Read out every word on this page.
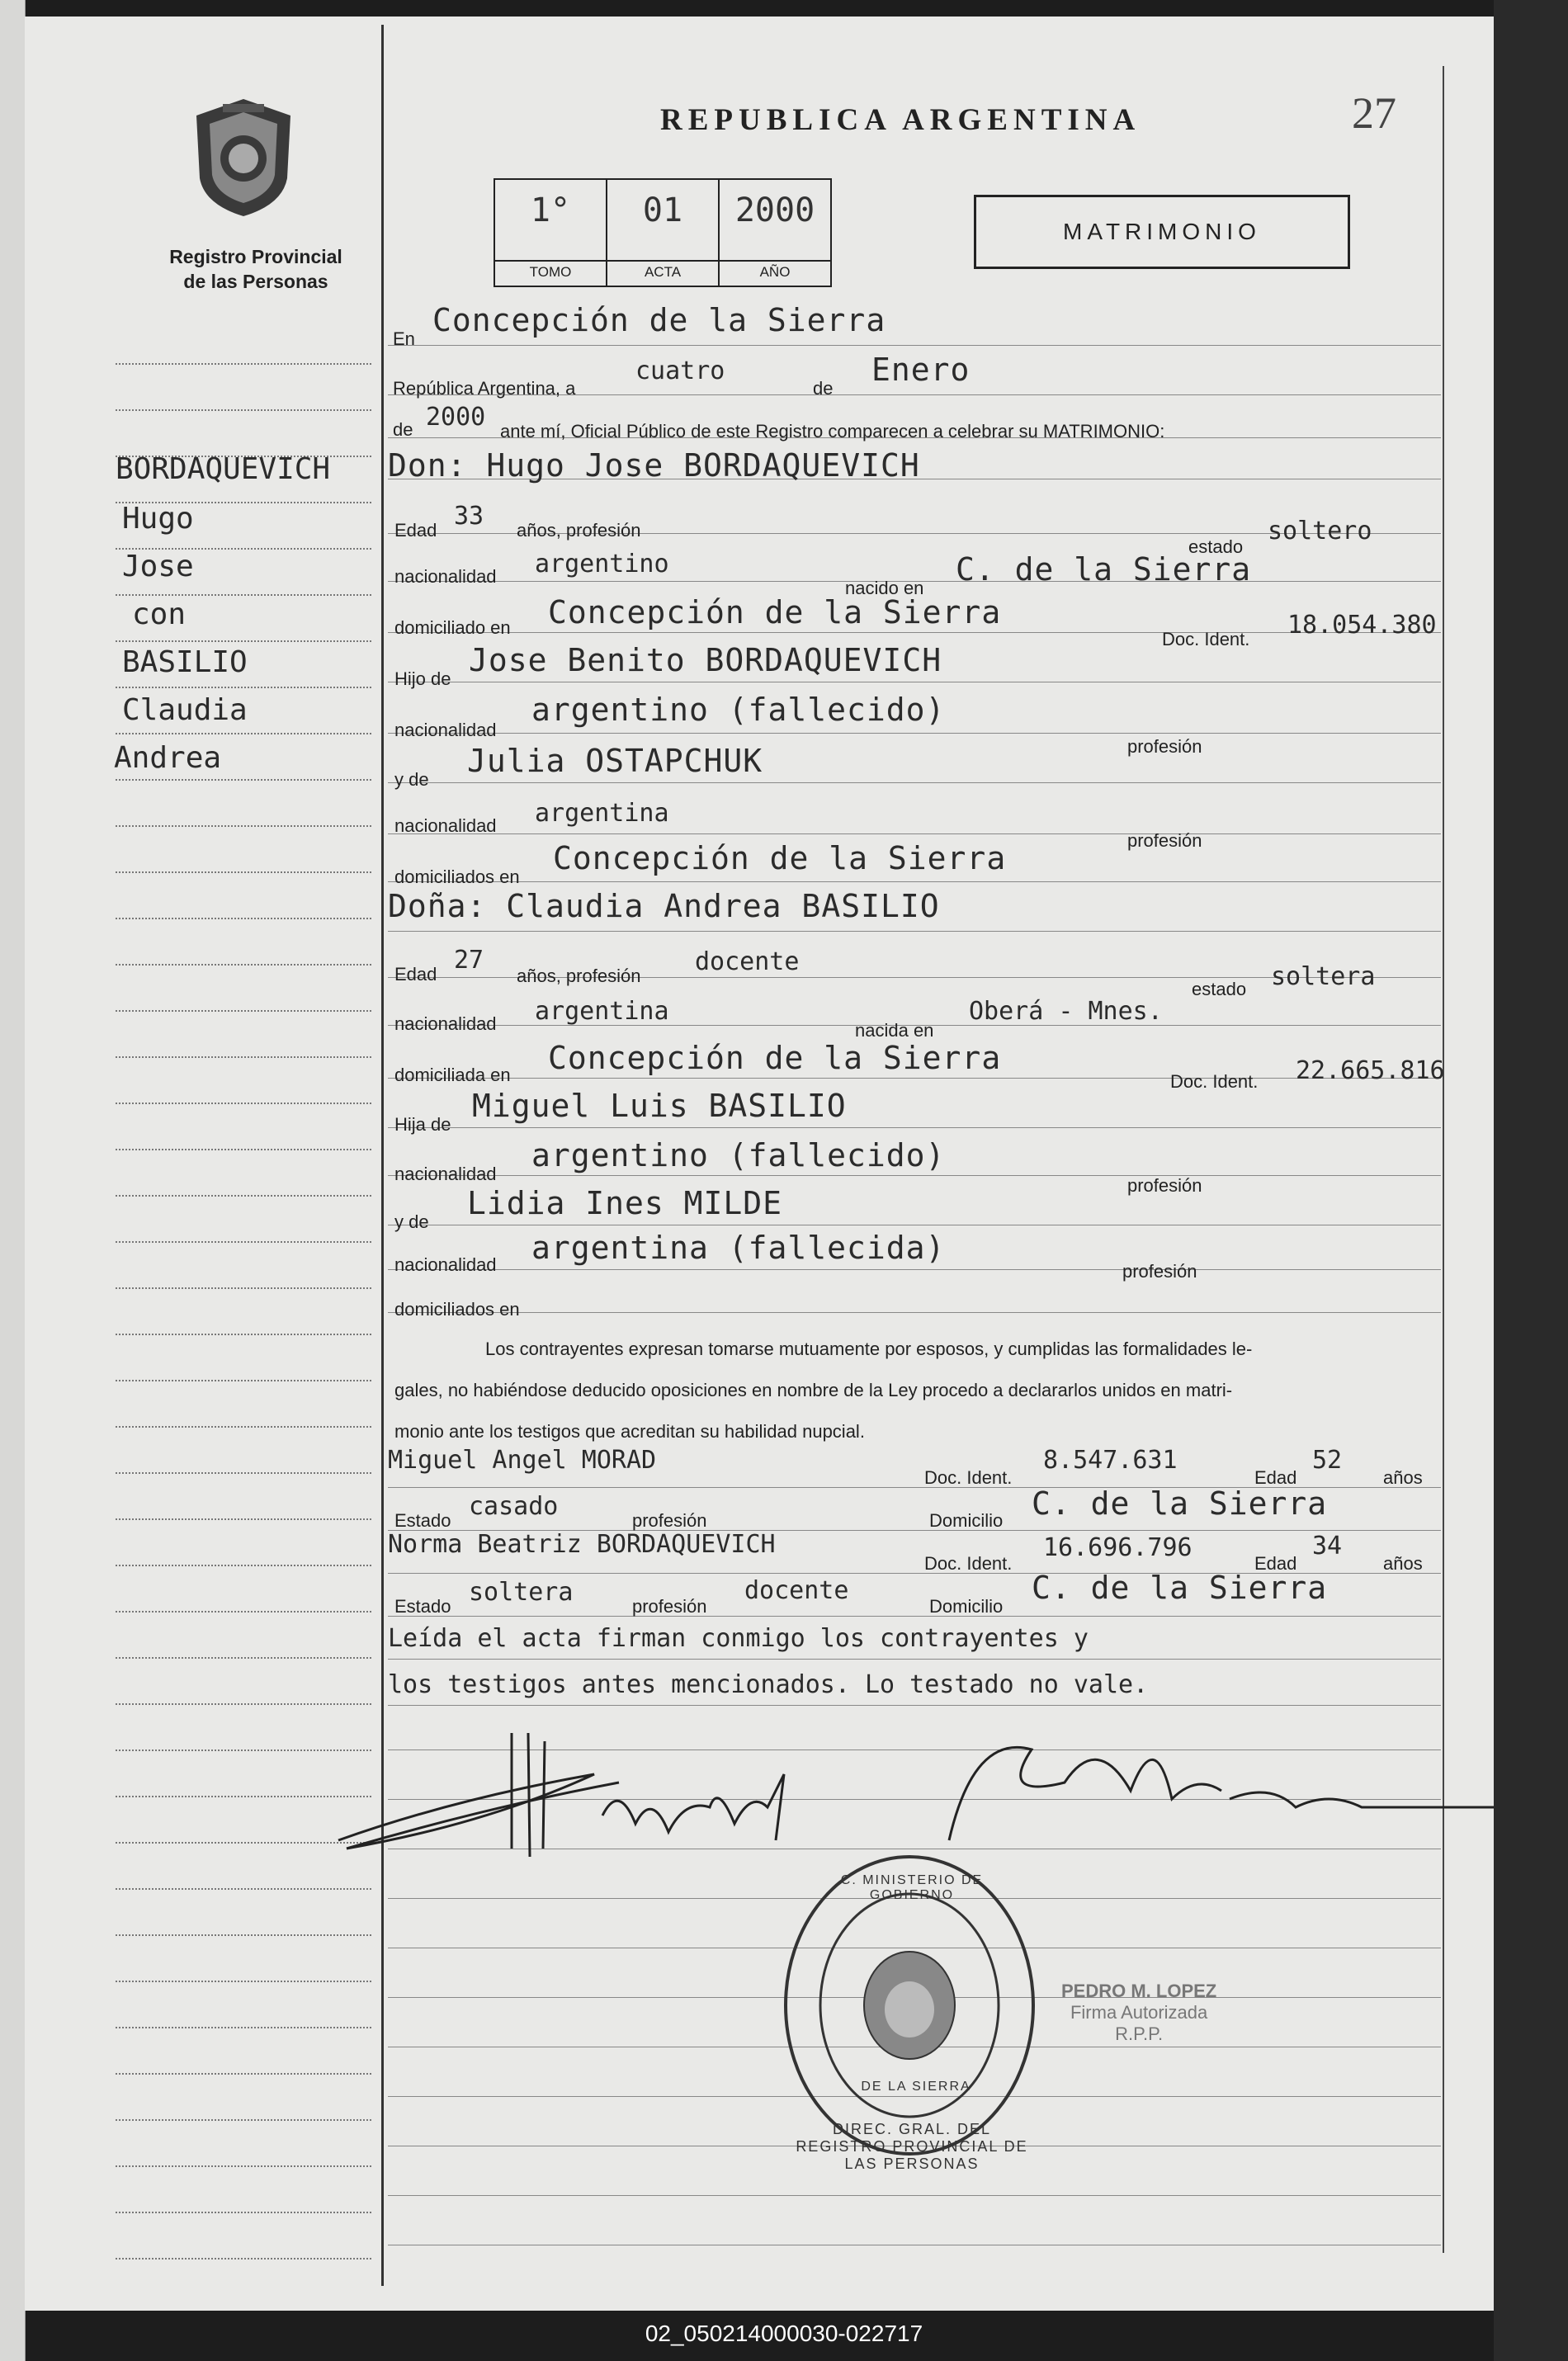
Registro Provincial
de las Personas
REPUBLICA ARGENTINA	27
1°
TOMO
01
ACTA
2000
AÑO
MATRIMONIO
BORDAQUEVICH
Hugo
Jose
con
BASILIO
Claudia
Andrea
En
Concepción de la Sierra
República Argentina, a
cuatro
de
Enero
de 2000 ante mí, Oficial Público de este Registro comparecen a celebrar su MATRIMONIO:
Don: Hugo Jose BORDAQUEVICH
Edad 33 años, profesión
estado
soltero
nacionalidad argentino
nacido en
C. de la Sierra
domiciliado en Concepción de la Sierra
Doc. Ident. 18.054.380
Hijo de
Jose Benito BORDAQUEVICH
nacionalidad
argentino (fallecido)
profesión
y de
Julia OSTAPCHUK
nacionalidad argentina
profesión
domiciliados en
Concepción de la Sierra
Doña: Claudia Andrea BASILIO
Edad 27
años, profesión docente
estado soltera
nacionalidad argentina
nacida en
Oberá - Mnes.
domiciliada en Concepción de la Sierra
Doc. Ident. 22.665.816
Hija de
Miguel Luis BASILIO
nacionalidad
argentino (fallecido)
profesión
y de
Lidia Ines MILDE
nacionalidad argentina (fallecida)
profesión
domiciliados en
Los contrayentes expresan tomarse mutuamente por esposos, y cumplidas las formalidades le-
gales, no habiéndose deducido oposiciones en nombre de la Ley procedo a declararlos unidos en matri-
monio ante los testigos que acreditan su habilidad nupcial.
Miguel Angel MORAD
Doc. Ident.
8.547.631
Edad
52
años
Estado casado	profesión	Domicilio C. de la Sierra
Norma Beatriz BORDAQUEVICH
Doc. Ident.
16.696.796
Edad
34
años
Estado soltera	profesión
docente
Domicilio
C. de la Sierra
Leída el acta firman conmigo los contrayentes y
los testigos antes mencionados. Lo testado no vale.
DIREC. GRAL. DEL REGISTRO PROVINCIAL DE LAS PERSONAS
C. MINISTERIO DE GOBIERNO
DE LA SIERRA
PEDRO M. LOPEZ
Firma Autorizada
R.P.P.
02_050214000030-022717
